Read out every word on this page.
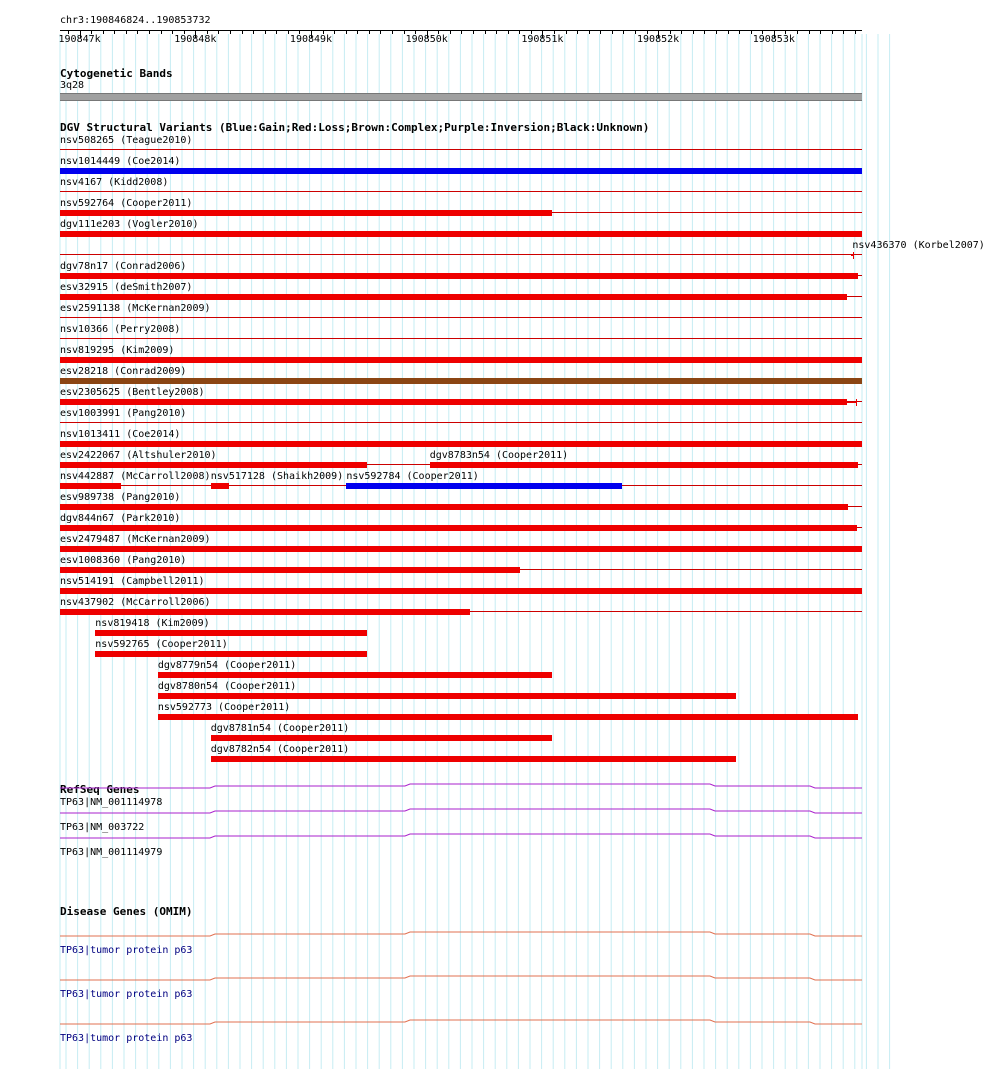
chr3:190846824..190853732
190847k	190848k	190849k	190850k	190851k	190852k	190853k
Cytogenetic Bands
3q28
DGV Structural Variants (Blue:Gain;Red:Loss;Brown:Complex;Purple:Inversion;Black:Unknown)
nsv508265 (Teague2010)
nsv1014449 (Coe2014)
nsv4167 (Kidd2008)
nsv592764 (Cooper2011)
dgv111e203 (Vogler2010)
nsv436370 (Korbel2007)
dgv78n17 (Conrad2006)
esv32915 (deSmith2007)
esv2591138 (McKernan2009)
nsv10366 (Perry2008)
nsv819295 (Kim2009)
esv28218 (Conrad2009)
esv2305625 (Bentley2008)
esv1003991 (Pang2010)
nsv1013411 (Coe2014)
esv2422067 (Altshuler2010)	dgv8783n54 (Cooper2011)
nsv442887 (McCarroll2008) nsv517128 (Shaikh2009) nsv592784 (Cooper2011)
esv989738 (Pang2010)
dgv844n67 (Park2010)
esv2479487 (McKernan2009)
esv1008360 (Pang2010)
nsv514191 (Campbell2011)
nsv437902 (McCarroll2006)
nsv819418 (Kim2009)
nsv592765 (Cooper2011)
dgv8779n54 (Cooper2011)
dgv8780n54 (Cooper2011)
nsv592773 (Cooper2011)
dgv8781n54 (Cooper2011)
dgv8782n54 (Cooper2011)
RefSeq Genes
TP63|NM_001114978
TP63|NM_003722
TP63|NM_001114979
Disease Genes (OMIM)
TP63|tumor protein p63
TP63|tumor protein p63
TP63|tumor protein p63
